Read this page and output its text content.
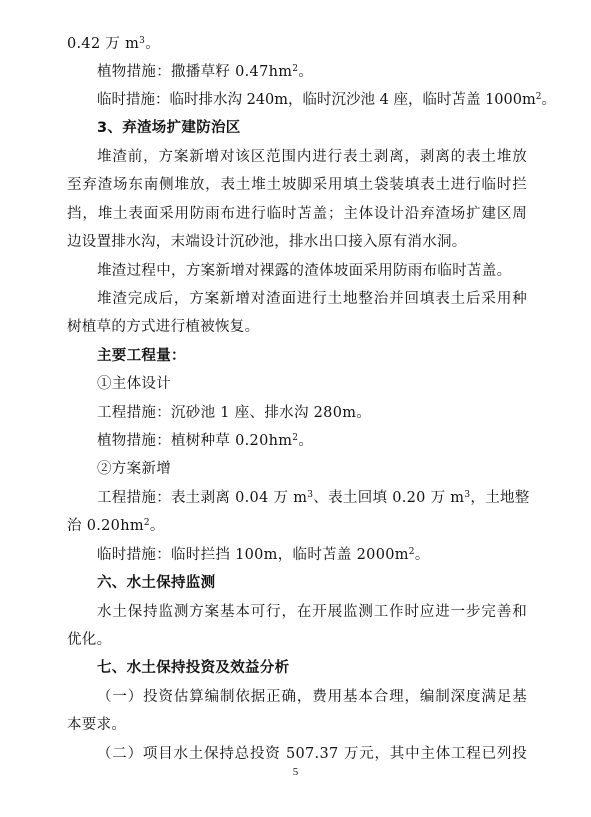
0.42 万 $m^3$。
植物措施：撒播草籽 $0.47hm^2$。
临时措施：临时排水沟 240m，临时沉沙池 4 座，临时苫盖 $1000m^2$。
3、弃渣场扩建防治区
堆渣前，方案新增对该区范围内进行表土剥离，剥离的表土堆放
至弃渣场东南侧堆放，表土堆土坡脚采用填土袋装填表土进行临时拦
挡，堆土表面采用防雨布进行临时苫盖；主体设计沿弃渣场扩建区周
边设置排水沟，末端设计沉砂池，排水出口接入原有消水洞。
堆渣过程中，方案新增对裸露的渣体坡面采用防雨布临时苫盖。
堆渣完成后，方案新增对渣面进行土地整治并回填表土后采用种
树植草的方式进行植被恢复。
主要工程量：
①主体设计
工程措施：沉砂池 1 座、排水沟 280m。
植物措施：植树种草 $0.20hm^2$。
②方案新增
工程措施：表土剥离 0.04 万 $m^3$、表土回填 0.20 万 $m^3$，土地整
治 $0.20hm^2$。
临时措施：临时拦挡 100m，临时苫盖 $2000m^2$。
六、水土保持监测
水土保持监测方案基本可行，在开展监测工作时应进一步完善和
优化。
七、水土保持投资及效益分析
（一）投资估算编制依据正确，费用基本合理，编制深度满足基
本要求。
（二）项目水土保持总投资 507.37 万元，其中主体工程已列投
5
